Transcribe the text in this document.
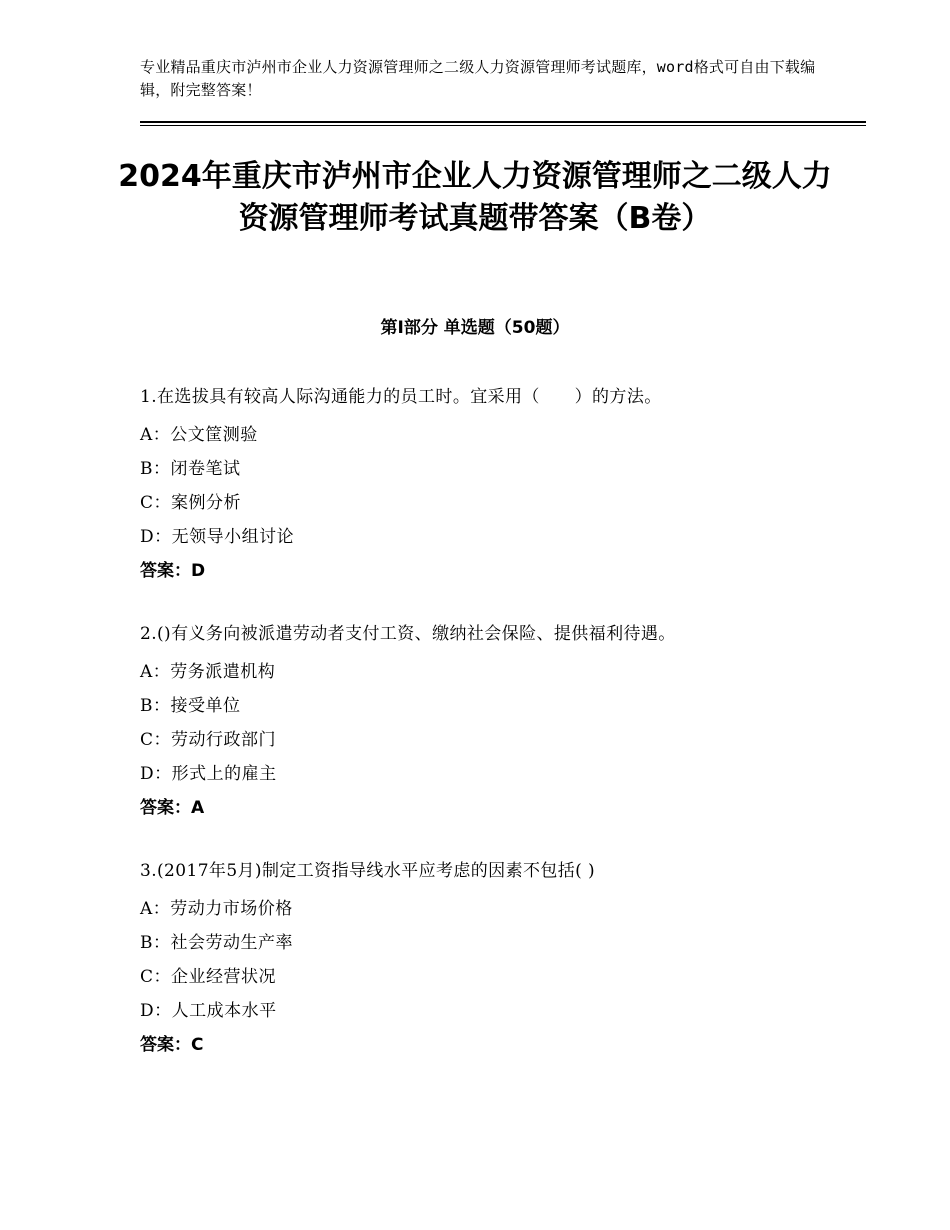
专业精品重庆市泸州市企业人力资源管理师之二级人力资源管理师考试题库，word格式可自由下载编辑，附完整答案！
2024年重庆市泸州市企业人力资源管理师之二级人力资源管理师考试真题带答案（B卷）
第Ⅰ部分 单选题（50题）
1.在选拔具有较高人际沟通能力的员工时。宜采用（　　）的方法。
A：公文筐测验
B：闭卷笔试
C：案例分析
D：无领导小组讨论
答案：D
2.()有义务向被派遣劳动者支付工资、缴纳社会保险、提供福利待遇。
A：劳务派遣机构
B：接受单位
C：劳动行政部门
D：形式上的雇主
答案：A
3.(2017年5月)制定工资指导线水平应考虑的因素不包括( )
A：劳动力市场价格
B：社会劳动生产率
C：企业经营状况
D：人工成本水平
答案：C
